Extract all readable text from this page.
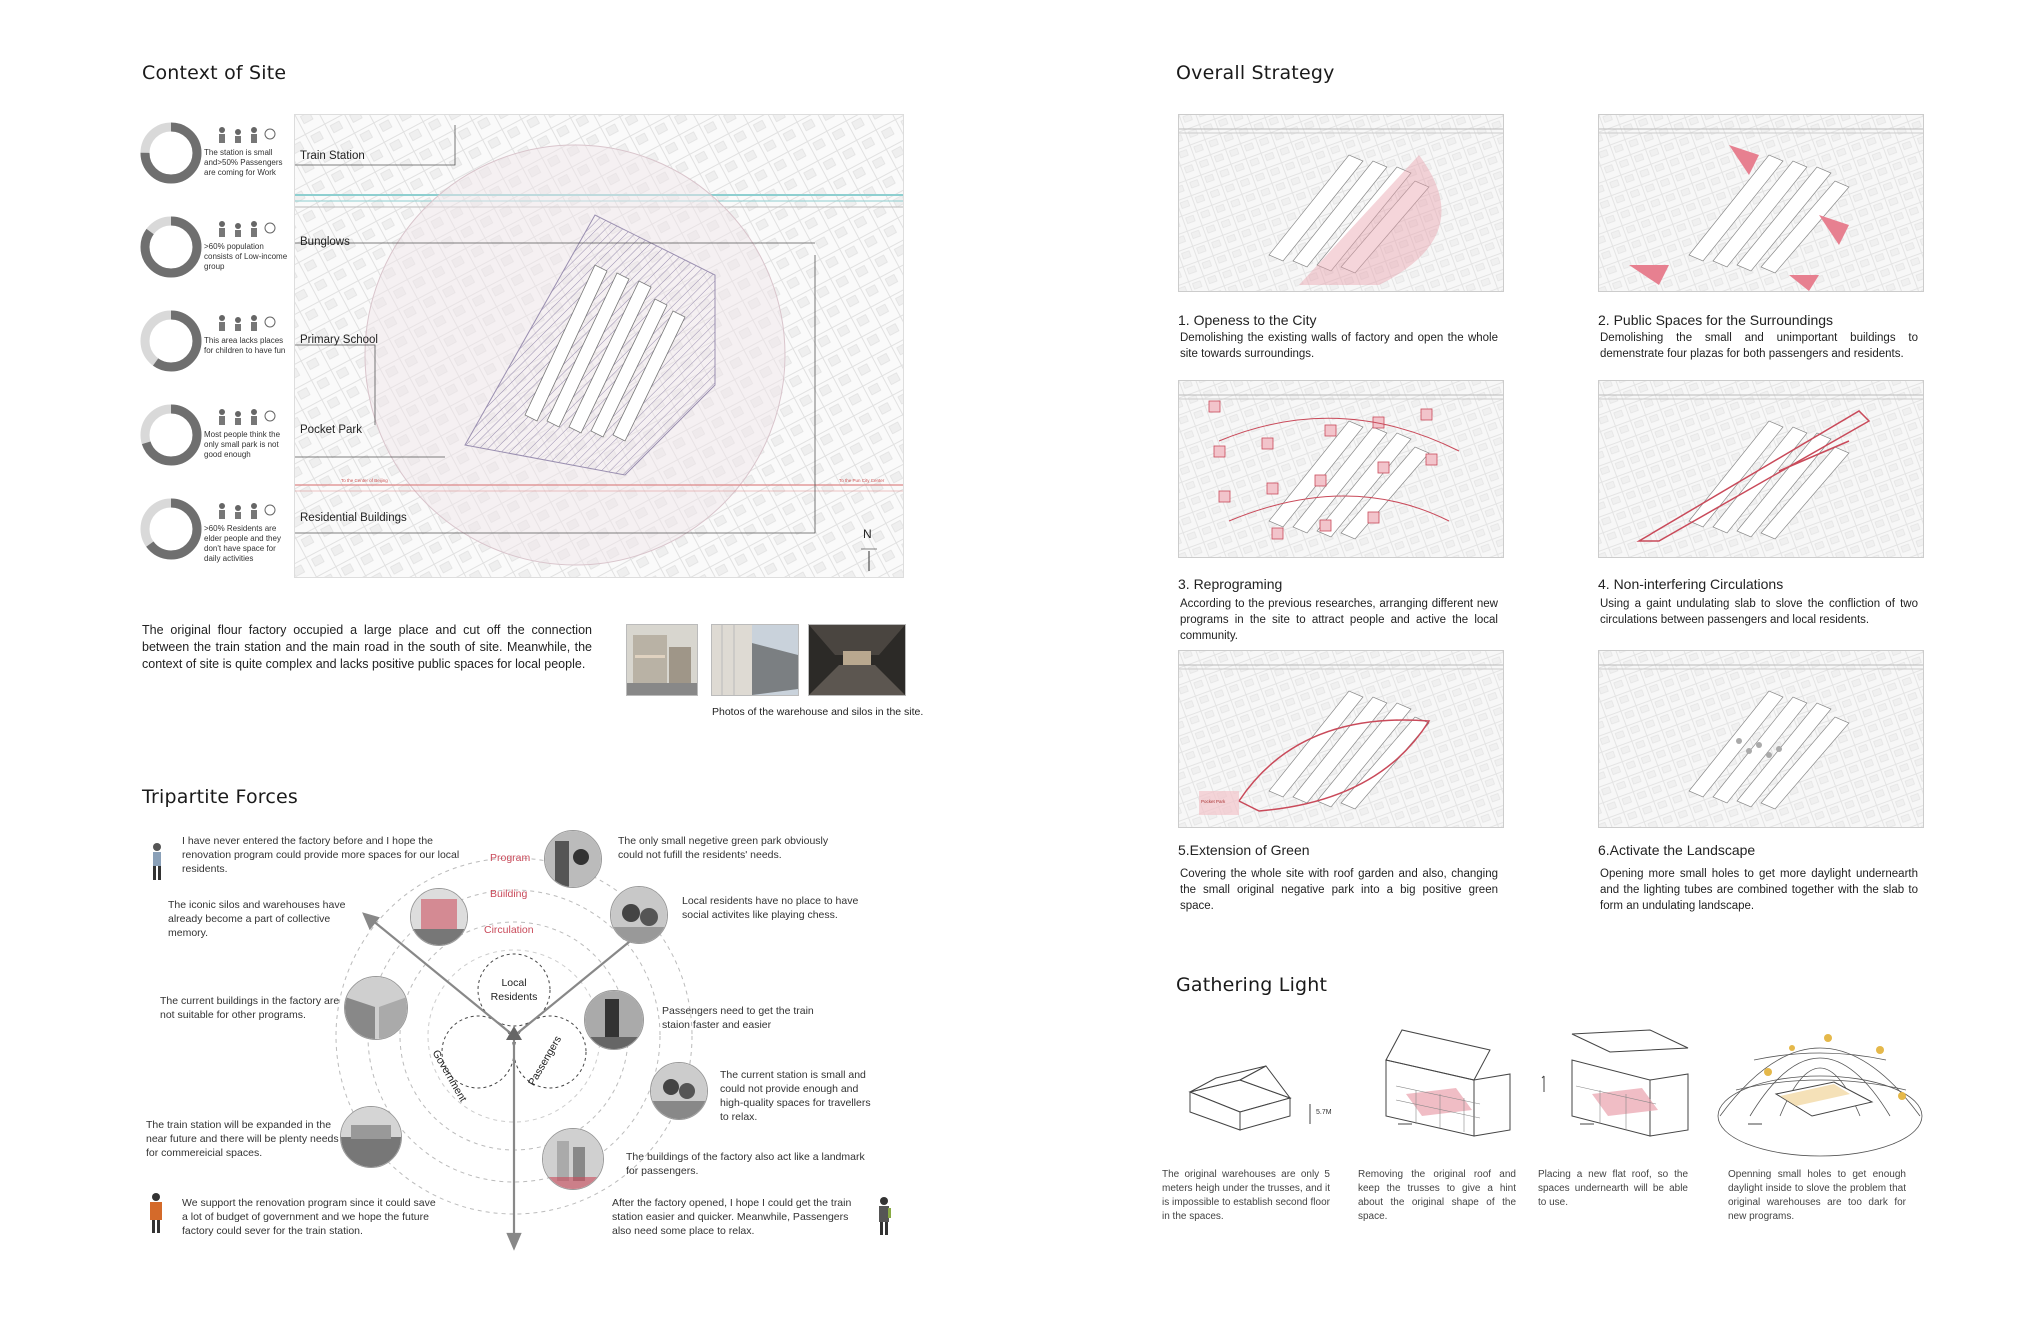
Context of Site
To the Center of Beijing	To the Pun City Center
N
The station is small and>50% Passengers are coming for Work
Train Station
>60% population consists of Low-income group
Bunglows
This area lacks places for children to have fun
Primary School
Most people think the only small park is not good enough
Pocket Park
>60% Residents are elder people and they don't have space for daily activities
Residential Buildings
The original flour factory occupied a large place and cut off the connection between the train station and the main road in the south of site. Meanwhile, the context of site is quite complex and lacks positive public spaces for local people.
Photos of the warehouse and silos in the site.
Tripartite Forces
Program
Building
Circulation
Local Residents
Government	Passengers
I have never entered the factory before and I hope the renovation program could provide more spaces for our local residents.
The only small negetive green park obviously could not fufill the residents' needs.
The iconic silos and warehouses have already become a part of collective memory.
Local residents have no place to have social activites like playing chess.
The current buildings in the factory are not suitable for other programs.	Passengers need to get the train staion faster and easier
The current station is small and could not provide enough and high-quality spaces for travellers to relax.
The train station will be expanded in the near future and there will be plenty needs for commereicial spaces.	The buildings of the factory also act like a landmark for passengers.
We support the renovation program since it could save a lot of budget of government and we hope the future factory could sever for the train station.
After the factory opened, I hope I could get the train station easier and quicker. Meanwhile, Passengers also need some place to relax.
Overall Strategy
1. Openess to the City
Demolishing the existing walls of factory and open the whole site towards surroundings.
2. Public Spaces for the Surroundings
Demolishing the small and unimportant buildings to demenstrate four plazas for both passengers and residents.
3. Reprograming
According to the previous researches, arranging different new programs in the site to attract people and active the local community.
4. Non-interfering Circulations
Using a gaint undulating slab to slove the confliction of two circulations between passengers and local residents.
Pocket Park
5.Extension of Green
Covering the whole site with roof garden and also, changing the small original negative park into a big positive green space.
6.Activate the Landscape
Opening more small holes to get more daylight undernearth and the lighting tubes are combined together with the slab to form an undulating landscape.
Gathering Light
5.7M
The original warehouses are only 5 meters heigh under the trusses, and it is impossible to establish second floor in the spaces.
Removing the original roof and keep the trusses to give a hint about the original shape of the space.
Placing a new flat roof, so the spaces undernearth will be able to use.
Openning small holes to get enough daylight inside to slove the problem that original warehouses are too dark for new programs.
